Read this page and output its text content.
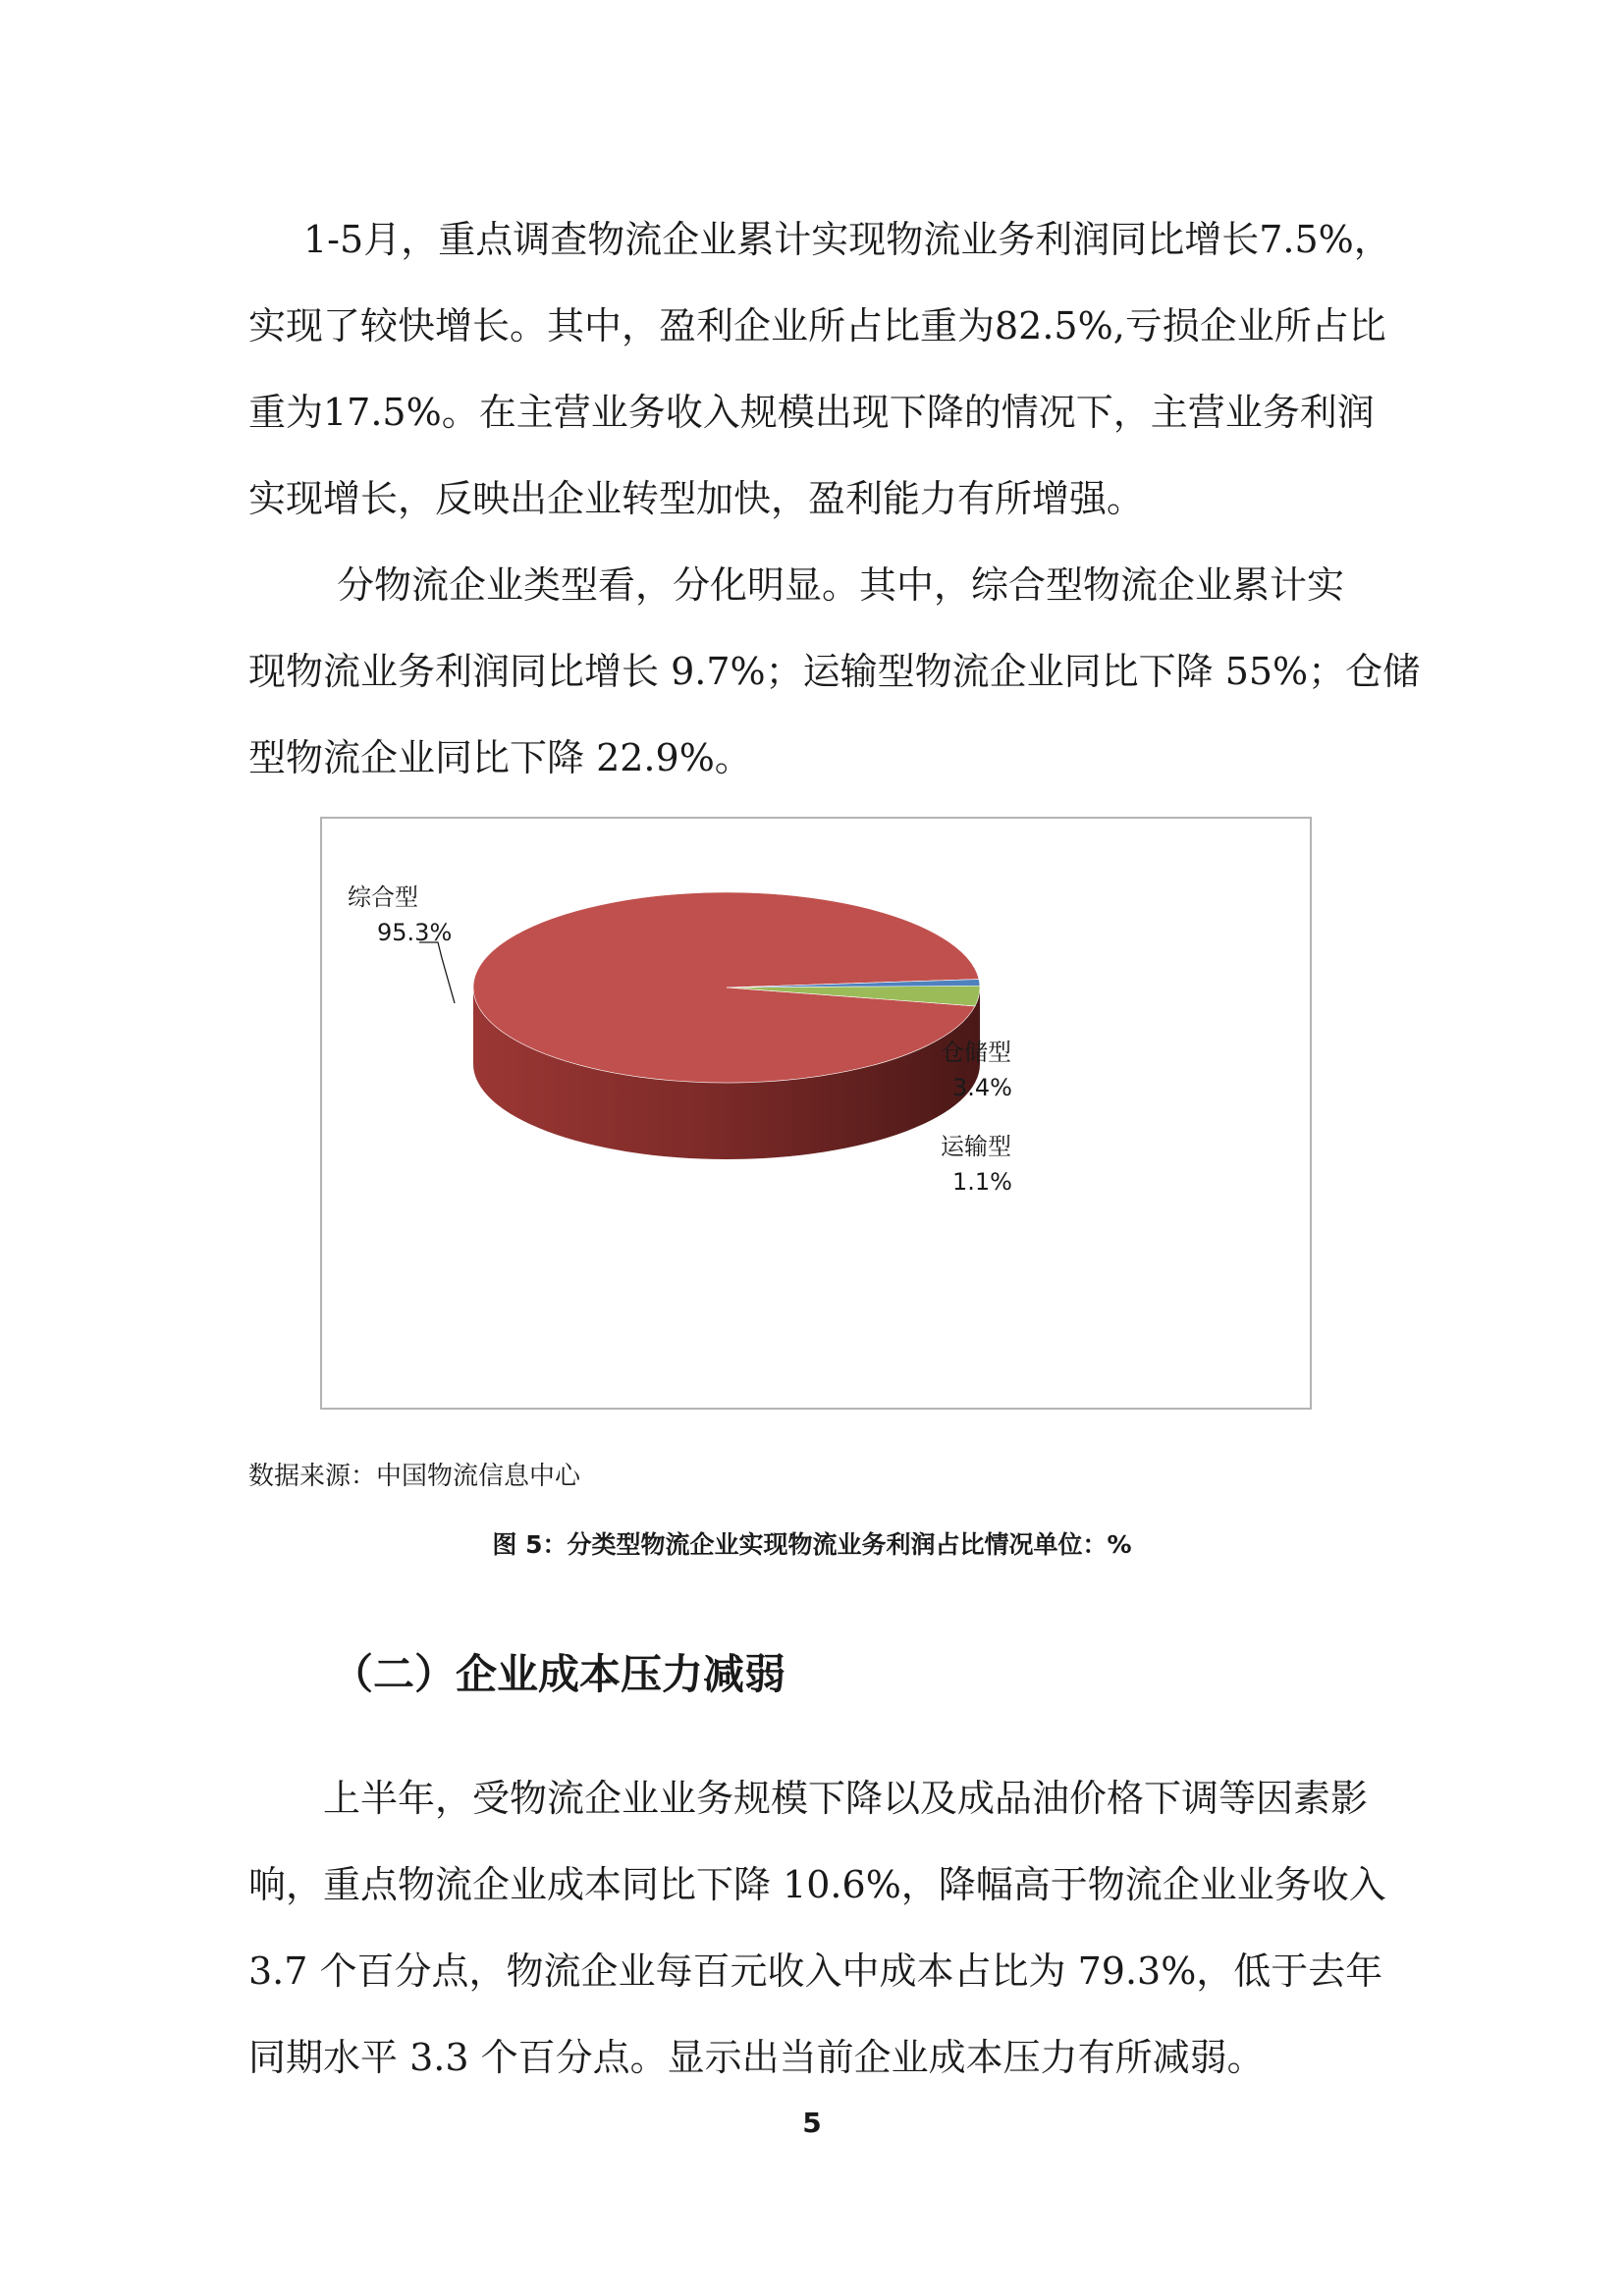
1-5月，重点调查物流企业累计实现物流业务利润同比增长7.5%，
实现了较快增长。其中，盈利企业所占比重为82.5%,亏损企业所占比
重为17.5%。在主营业务收入规模出现下降的情况下，主营业务利润
实现增长，反映出企业转型加快，盈利能力有所增强。

分物流企业类型看，分化明显。其中，综合型物流企业累计实
现物流业务利润同比增长 9.7%；运输型物流企业同比下降 55%；仓储
型物流企业同比下降 22.9%。

综合型
95.3%
仓储型
3.4%
运输型
1.1%
数据来源：中国物流信息中心
图 5：分类型物流企业实现物流业务利润占比情况单位：%
（二）企业成本压力减弱

上半年，受物流企业业务规模下降以及成品油价格下调等因素影
响，重点物流企业成本同比下降 10.6%，降幅高于物流企业业务收入
3.7 个百分点，物流企业每百元收入中成本占比为 79.3%，低于去年
同期水平 3.3 个百分点。显示出当前企业成本压力有所减弱。

5
